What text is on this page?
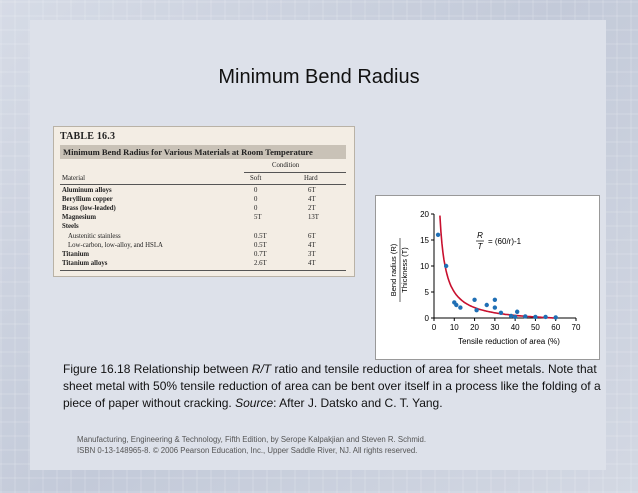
Minimum Bend Radius
TABLE 16.3
Minimum Bend Radius for Various Materials at Room Temperature
Condition
Material	Soft	Hard
Aluminum alloys	0	6T
Beryllium copper	0	4T
Brass (low-leaded)	0	2T
Magnesium	5T	13T
Steels
Austenitic stainless	0.5T	6T
Low-carbon, low-alloy, and HSLA	0.5T	4T
Titanium	0.7T	3T
Titanium alloys	2.6T	4T
0 10 20 30 40 50 60 70
0
5
10
15
20
Tensile reduction of area (%)
Bend radius (R) Thickness (T)
R
T
= (60/r)-1
Figure 16.18 Relationship between R/T ratio and tensile reduction of area for sheet metals. Note that sheet metal with 50% tensile reduction of area can be bent over itself in a process like the folding of a piece of paper without cracking. Source: After J. Datsko and C. T. Yang.
Manufacturing, Engineering & Technology, Fifth Edition, by Serope Kalpakjian and Steven R. Schmid.
ISBN 0-13-148965-8. © 2006 Pearson Education, Inc., Upper Saddle River, NJ. All rights reserved.
